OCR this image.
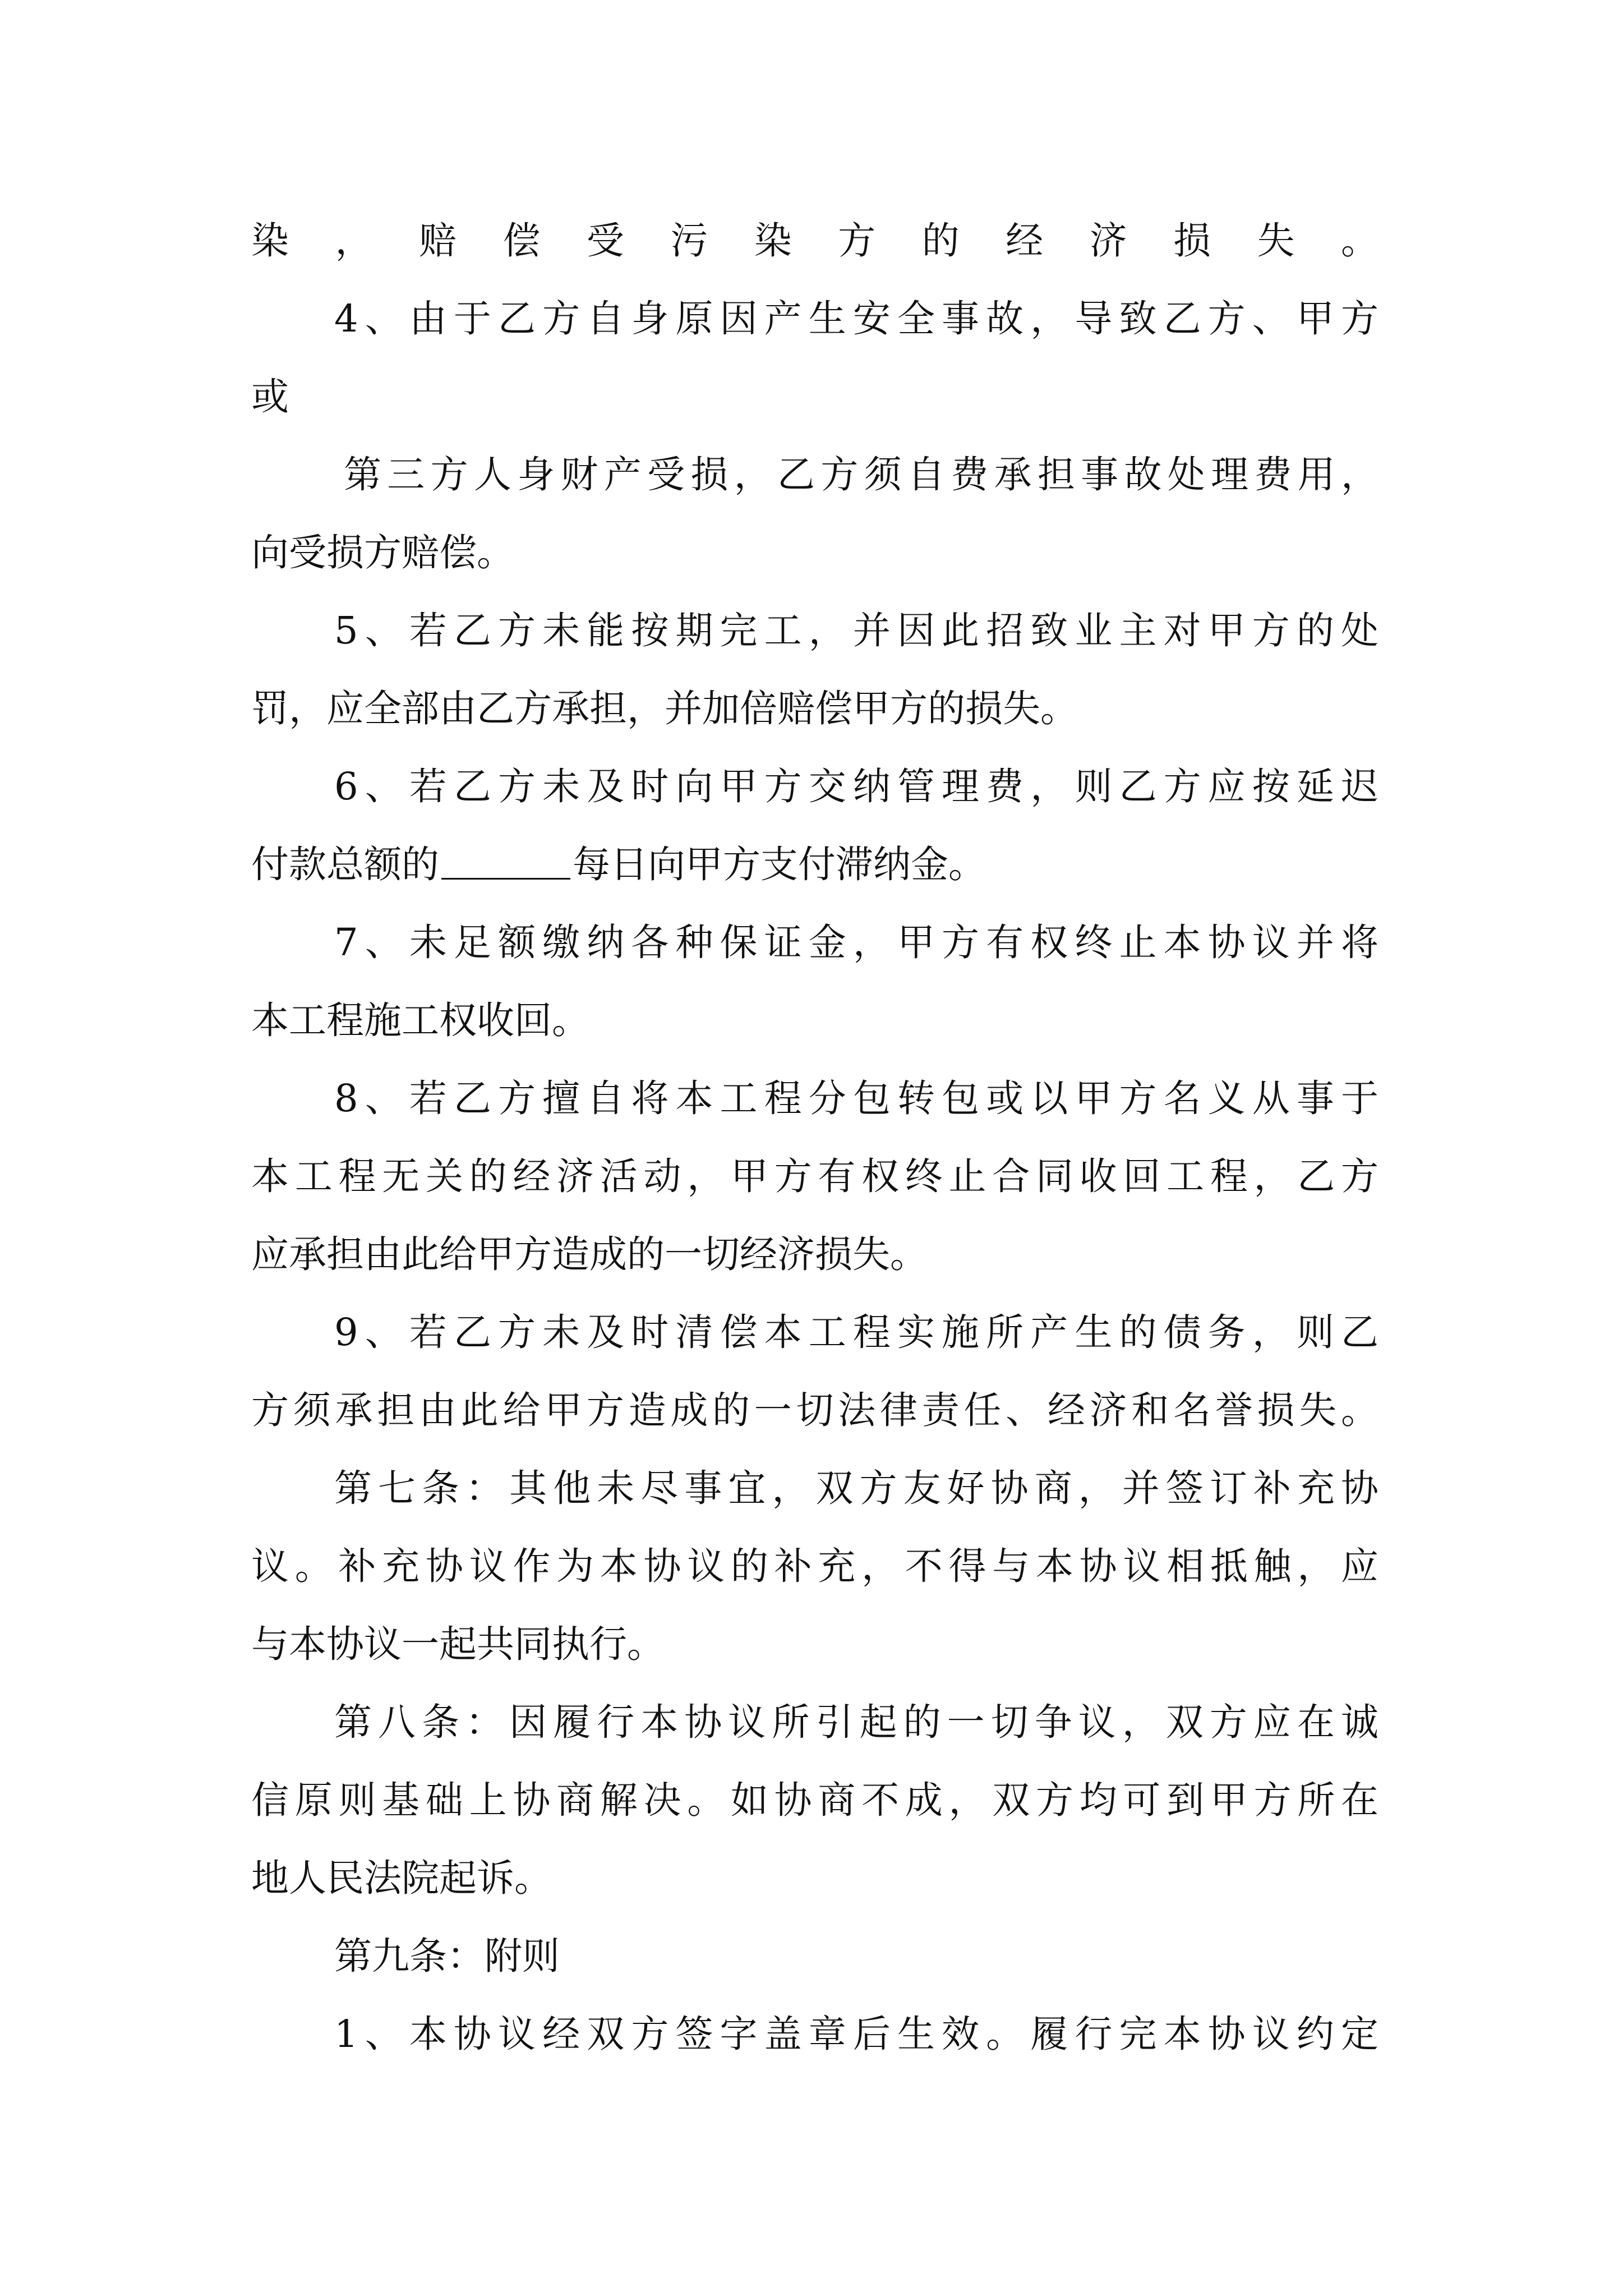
染，赔偿受污染方的经济损失。
4、由于乙方自身原因产生安全事故，导致乙方、甲方
或
第三方人身财产受损，乙方须自费承担事故处理费用，
向受损方赔偿。
5、若乙方未能按期完工，并因此招致业主对甲方的处
罚，应全部由乙方承担，并加倍赔偿甲方的损失。
6、若乙方未及时向甲方交纳管理费，则乙方应按延迟
付款总额的	每日向甲方支付滞纳金。
7、未足额缴纳各种保证金，甲方有权终止本协议并将
本工程施工权收回。
8、若乙方擅自将本工程分包转包或以甲方名义从事于
本工程无关的经济活动，甲方有权终止合同收回工程，乙方
应承担由此给甲方造成的一切经济损失。
9、若乙方未及时清偿本工程实施所产生的债务，则乙
方须承担由此给甲方造成的一切法律责任、经济和名誉损失。
第七条：其他未尽事宜，双方友好协商，并签订补充协
议。补充协议作为本协议的补充，不得与本协议相抵触，应
与本协议一起共同执行。
第八条：因履行本协议所引起的一切争议，双方应在诚
信原则基础上协商解决。如协商不成，双方均可到甲方所在
地人民法院起诉。
第九条：附则
1、本协议经双方签字盖章后生效。履行完本协议约定
